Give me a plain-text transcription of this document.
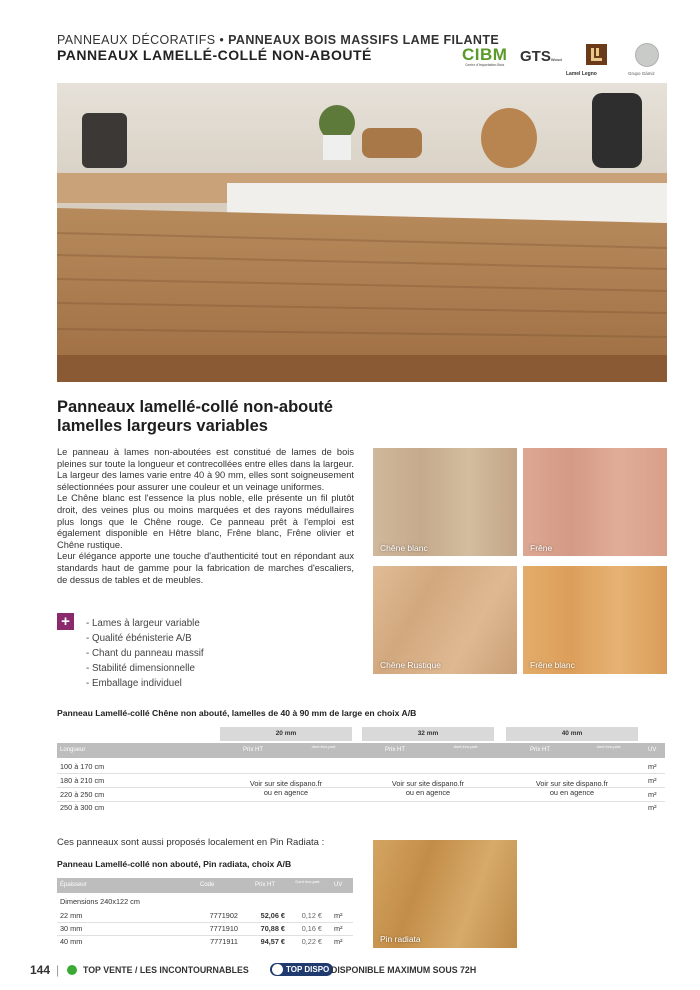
PANNEAUX DÉCORATIFS • PANNEAUX BOIS MASSIFS LAME FILANTE
PANNEAUX LAMELLÉ-COLLÉ NON-ABOUTÉ	CIBM
Centre d'Importation Bois GTSWood
Lamel Legno	Grupo Gámiz
Panneaux lamellé-collé non-abouté
lamelles largeurs variables

Le panneau à lames non-aboutées est constitué de lames de bois pleines sur toute la longueur et contrecollées entre elles dans la largeur. La largeur des lames varie entre 40 à 90 mm, elles sont soigneusement sélectionnées pour assurer une couleur et un veinage uniformes.

Le Chêne blanc est l'essence la plus noble, elle présente un fil plutôt droit, des veines plus ou moins marquées et des rayons médullaires plus longs que le Chêne rouge. Ce panneau prêt à l'emploi est également disponible en Hêtre blanc, Frêne blanc, Frêne olivier et Chêne rustique.

Leur élégance apporte une touche d'authenticité tout en répondant aux standards haut de gamme pour la fabrication de marches d'escaliers, de dessus de tables et de meubles.

+	- Lames à largeur variable
- Qualité ébénisterie A/B
- Chant du panneau massif
- Stabilité dimensionnelle
- Emballage individuel
Chêne blanc	Frêne
Chêne Rustique	Frêne blanc
Panneau Lamellé-collé Chêne non abouté, lamelles de 40 à 90 mm de large en choix A/B
20 mm	32 mm	40 mm
Longueur	Prix HT
dont éco-part.
Prix HT
dont éco-part.
Prix HT
dont éco-part.
UV
100 à 170 cm	m²
180 à 210 cm	m²
220 à 250 cm	m²
250 à 300 cm	m²
Voir sur site dispano.fr
ou en agence
Voir sur site dispano.fr
ou en agence
Voir sur site dispano.fr
ou en agence
Ces panneaux sont aussi proposés localement en Pin Radiata :
Panneau Lamellé-collé non abouté, Pin radiata, choix A/B
Épaisseur	Code	Prix HT
Dont éco-part.
UV
Dimensions 240x122 cm
22 mm	7771902	52,06 €	0,12 € m²
30 mm	7771910	70,88 €	0,16 € m²
40 mm	7771911	94,57 €	0,22 € m²	Pin radiata
144 |	TOP VENTE / LES INCONTOURNABLES	TOP DISPO DISPONIBLE MAXIMUM SOUS 72H
